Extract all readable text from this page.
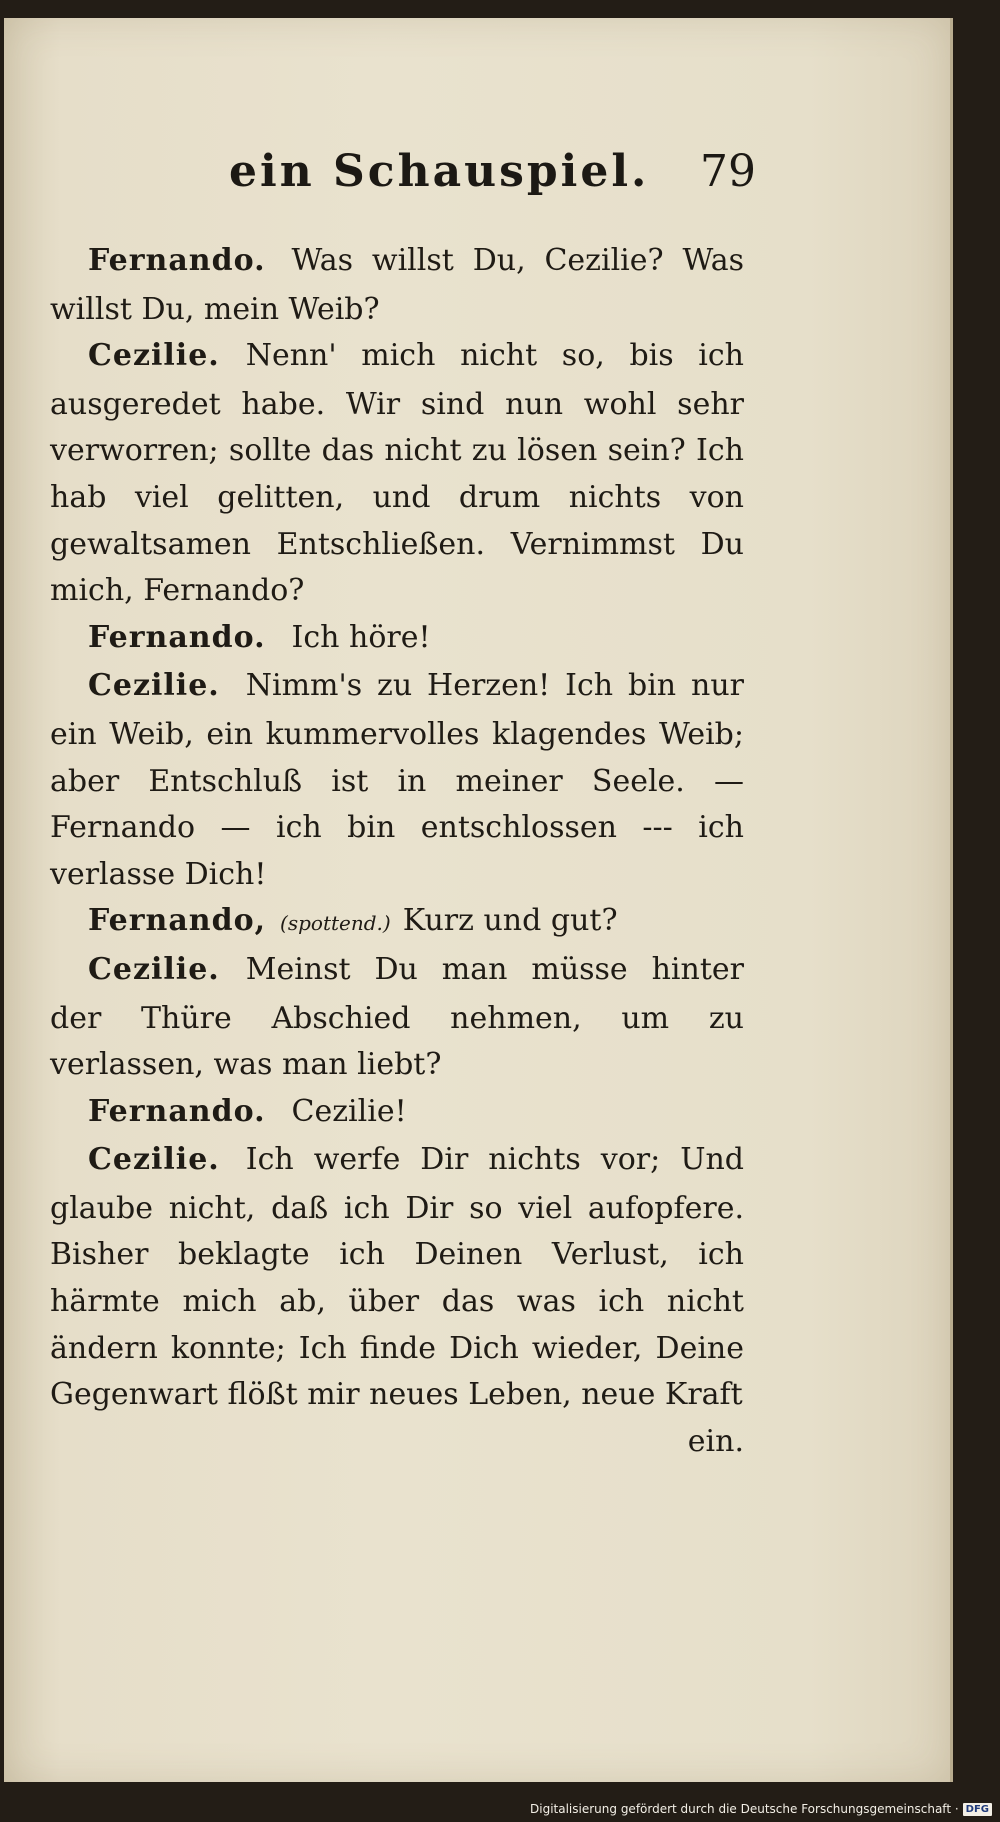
ein Schauspiel. 79

Fernando. Was willst Du, Cezilie? Was willst Du, mein Weib?

Cezilie. Nenn' mich nicht so, bis ich ausgeredet habe. Wir sind nun wohl sehr verworren; sollte das nicht zu lösen sein? Ich hab viel gelitten, und drum nichts von gewaltsamen Entschließen. Vernimmst Du mich, Fernando?

Fernando. Ich höre!

Cezilie. Nimm's zu Herzen! Ich bin nur ein Weib, ein kummervolles klagendes Weib; aber Entschluß ist in meiner Seele. — Fernando — ich bin entschlossen --- ich verlasse Dich!

Fernando, (spottend.) Kurz und gut?

Cezilie. Meinst Du man müsse hinter der Thüre Abschied nehmen, um zu verlassen, was man liebt?

Fernando. Cezilie!

Cezilie. Ich werfe Dir nichts vor; Und glaube nicht, daß ich Dir so viel aufopfere. Bisher beklagte ich Deinen Verlust, ich härmte mich ab, über das was ich nicht ändern konnte; Ich finde Dich wieder, Deine Gegenwart flößt mir neues Leben, neue Kraft

ein.

Digitalisierung gefördert durch die Deutsche Forschungsgemeinschaft · DFG
